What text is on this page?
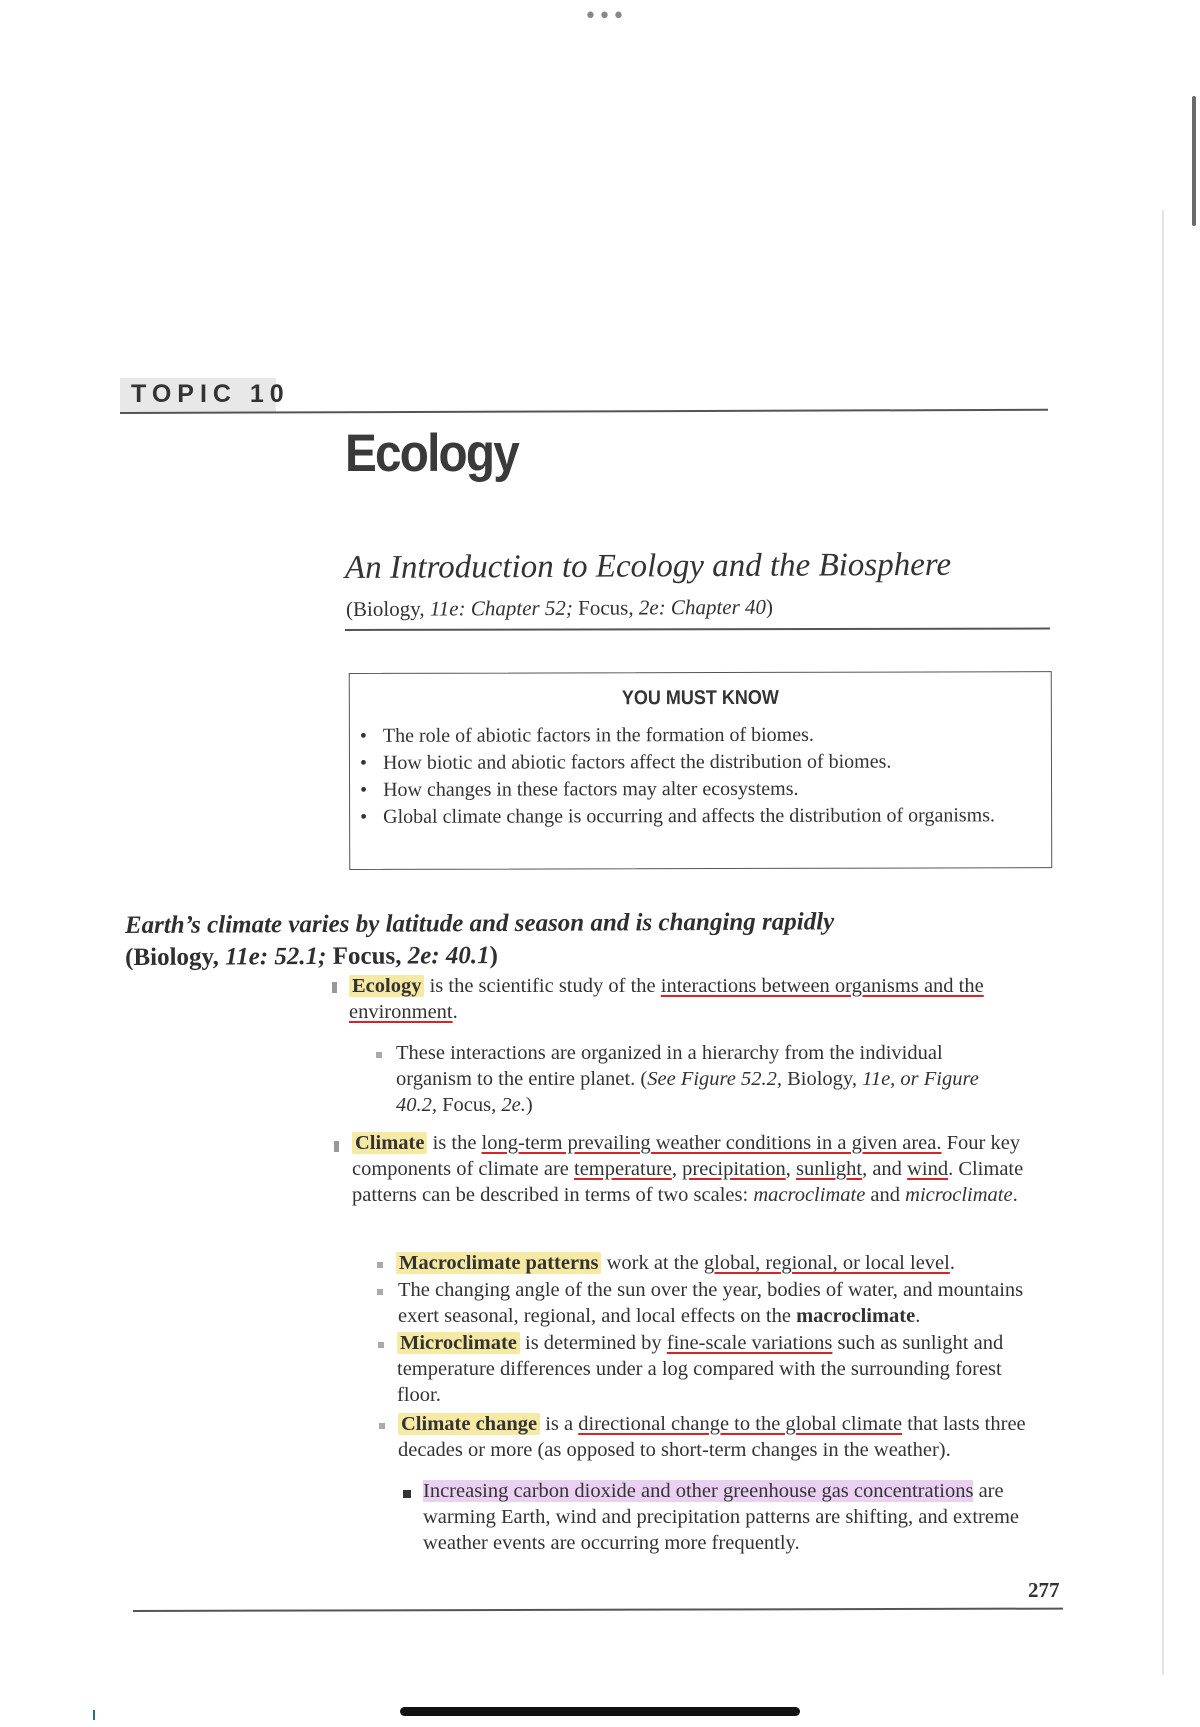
•••
TOPIC 10
Ecology
An Introduction to Ecology and the Biosphere
(Biology, 11e: Chapter 52; Focus, 2e: Chapter 40)
YOU MUST KNOW
• The role of abiotic factors in the formation of biomes.
• How biotic and abiotic factors affect the distribution of biomes.
• How changes in these factors may alter ecosystems.
• Global climate change is occurring and affects the distribution of organisms.
Earth’s climate varies by latitude and season and is changing rapidly
(Biology, 11e: 52.1; Focus, 2e: 40.1)
Ecology is the scientific study of the interactions between organisms and the environment.
These interactions are organized in a hierarchy from the individual organism to the entire planet. (See Figure 52.2, Biology, 11e, or Figure 40.2, Focus, 2e.)
Climate is the long-term prevailing weather conditions in a given area. Four key components of climate are temperature, precipitation, sunlight, and wind. Climate patterns can be described in terms of two scales: macroclimate and microclimate.
Macroclimate patterns work at the global, regional, or local level.
The changing angle of the sun over the year, bodies of water, and mountains exert seasonal, regional, and local effects on the macroclimate.
Microclimate is determined by fine-scale variations such as sunlight and temperature differences under a log compared with the surrounding forest floor.
Climate change is a directional change to the global climate that lasts three decades or more (as opposed to short-term changes in the weather).
Increasing carbon dioxide and other greenhouse gas concentrations are warming Earth, wind and precipitation patterns are shifting, and extreme weather events are occurring more frequently.
277
